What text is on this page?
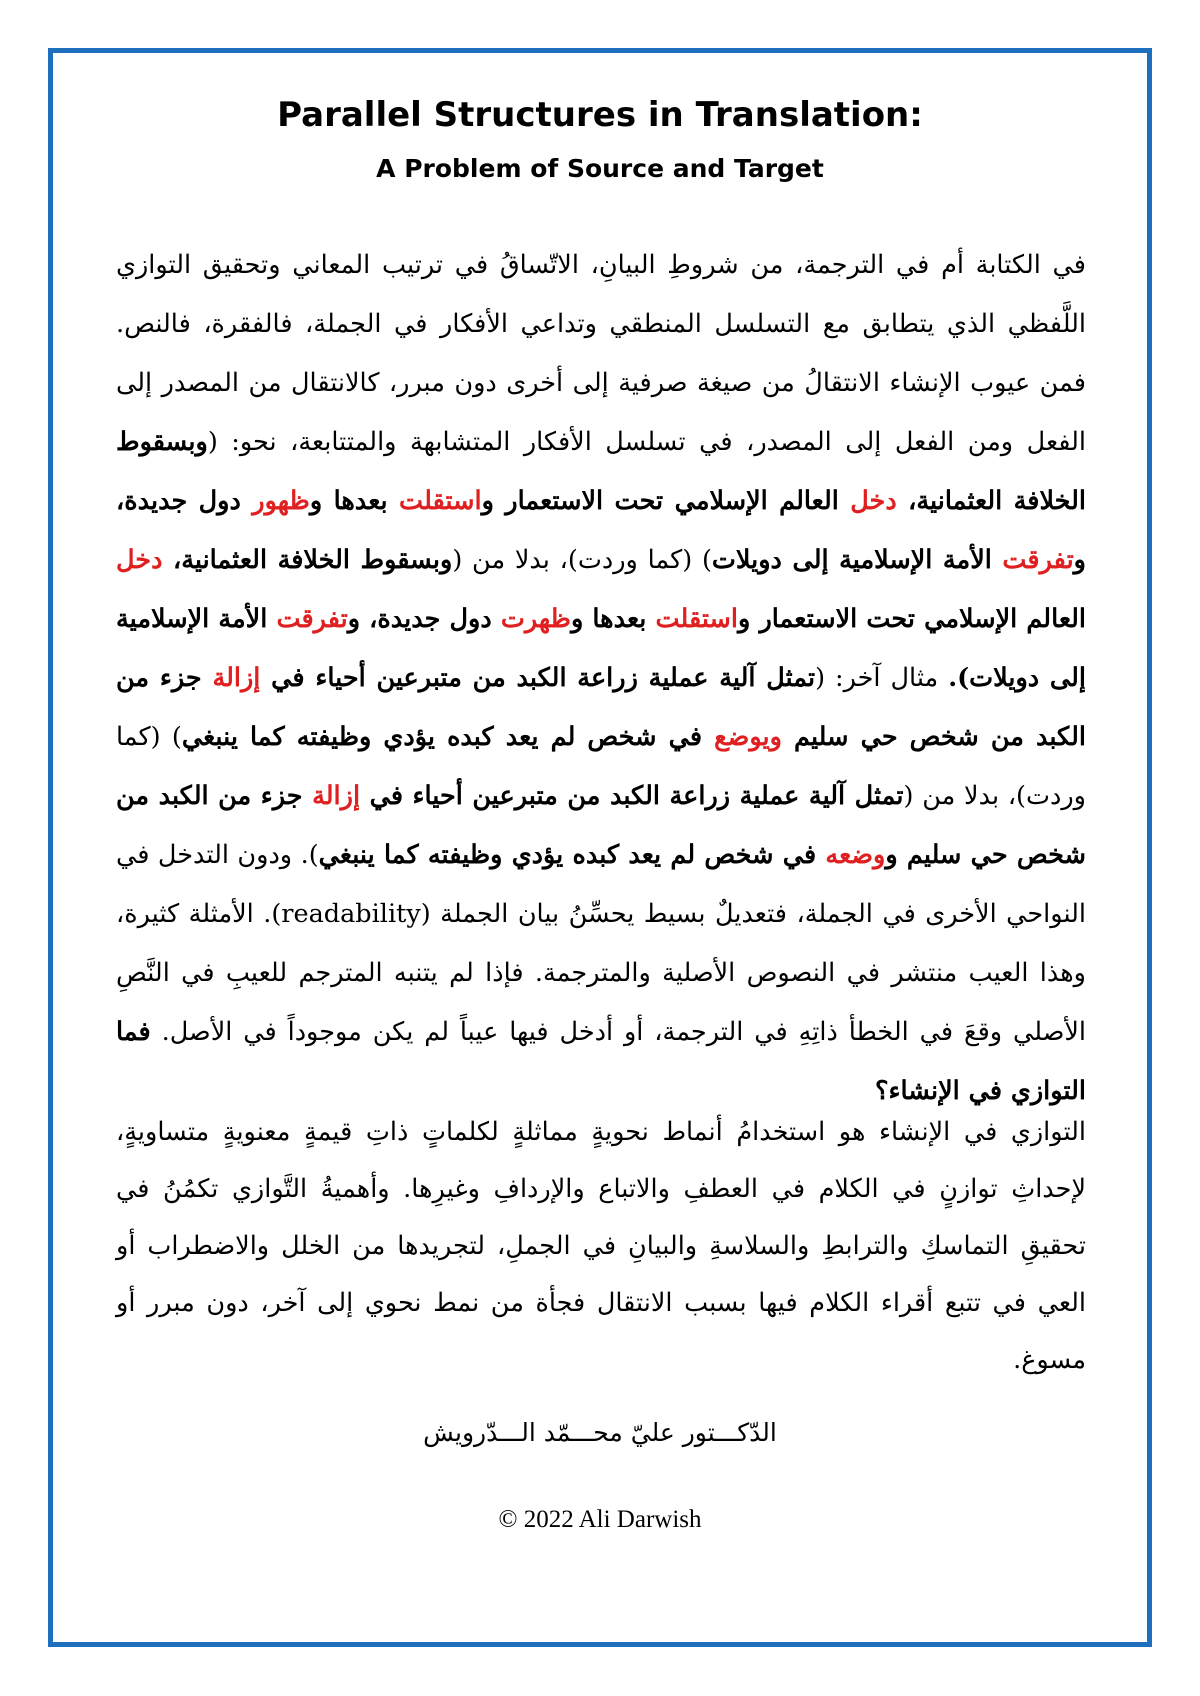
Parallel Structures in Translation:
A Problem of Source and Target

في الكتابة أم في الترجمة، من شروطِ البيانِ، الاتّساقُ في ترتيب المعاني وتحقيق التوازي اللَّفظي الذي يتطابق مع التسلسل المنطقي وتداعي الأفكار في الجملة، فالفقرة، فالنص. فمن عيوب الإنشاء الانتقالُ من صيغة صرفية إلى أخرى دون مبرر، كالانتقال من المصدر إلى الفعل ومن الفعل إلى المصدر، في تسلسل الأفكار المتشابهة والمتتابعة، نحو: (وبسقوط الخلافة العثمانية، دخل العالم الإسلامي تحت الاستعمار واستقلت بعدها وظهور دول جديدة، وتفرقت الأمة الإسلامية إلى دويلات) (كما وردت)، بدلا من (وبسقوط الخلافة العثمانية، دخل العالم الإسلامي تحت الاستعمار واستقلت بعدها وظهرت دول جديدة، وتفرقت الأمة الإسلامية إلى دويلات). مثال آخر: (تمثل آلية عملية زراعة الكبد من متبرعين أحياء في إزالة جزء من الكبد من شخص حي سليم ويوضع في شخص لم يعد كبده يؤدي وظيفته كما ينبغي) (كما وردت)، بدلا من (تمثل آلية عملية زراعة الكبد من متبرعين أحياء في إزالة جزء من الكبد من شخص حي سليم ووضعه في شخص لم يعد كبده يؤدي وظيفته كما ينبغي). ودون التدخل في النواحي الأخرى في الجملة، فتعديلٌ بسيط يحسِّنُ بيان الجملة (readability). الأمثلة كثيرة، وهذا العيب منتشر في النصوص الأصلية والمترجمة. فإذا لم يتنبه المترجم للعيبِ في النَّصِ الأصلي وقعَ في الخطأ ذاتِهِ في الترجمة، أو أدخل فيها عيباً لم يكن موجوداً في الأصل. فما التوازي في الإنشاء؟

التوازي في الإنشاء هو استخدامُ أنماط نحويةٍ مماثلةٍ لكلماتٍ ذاتِ قيمةٍ معنويةٍ متساويةٍ، لإحداثِ توازنٍ في الكلام في العطفِ والاتباع والإردافِ وغيرِها. وأهميةُ التَّوازي تكمُنُ في تحقيقِ التماسكِ والترابطِ والسلاسةِ والبيانِ في الجملِ، لتجريدها من الخلل والاضطراب أو العي في تتبع أقراء الكلام فيها بسبب الانتقال فجأة من نمط نحوي إلى آخر، دون مبرر أو مسوغ.

الدّكـــتور عليّ محـــمّد الـــدّرويش
© 2022 Ali Darwish
